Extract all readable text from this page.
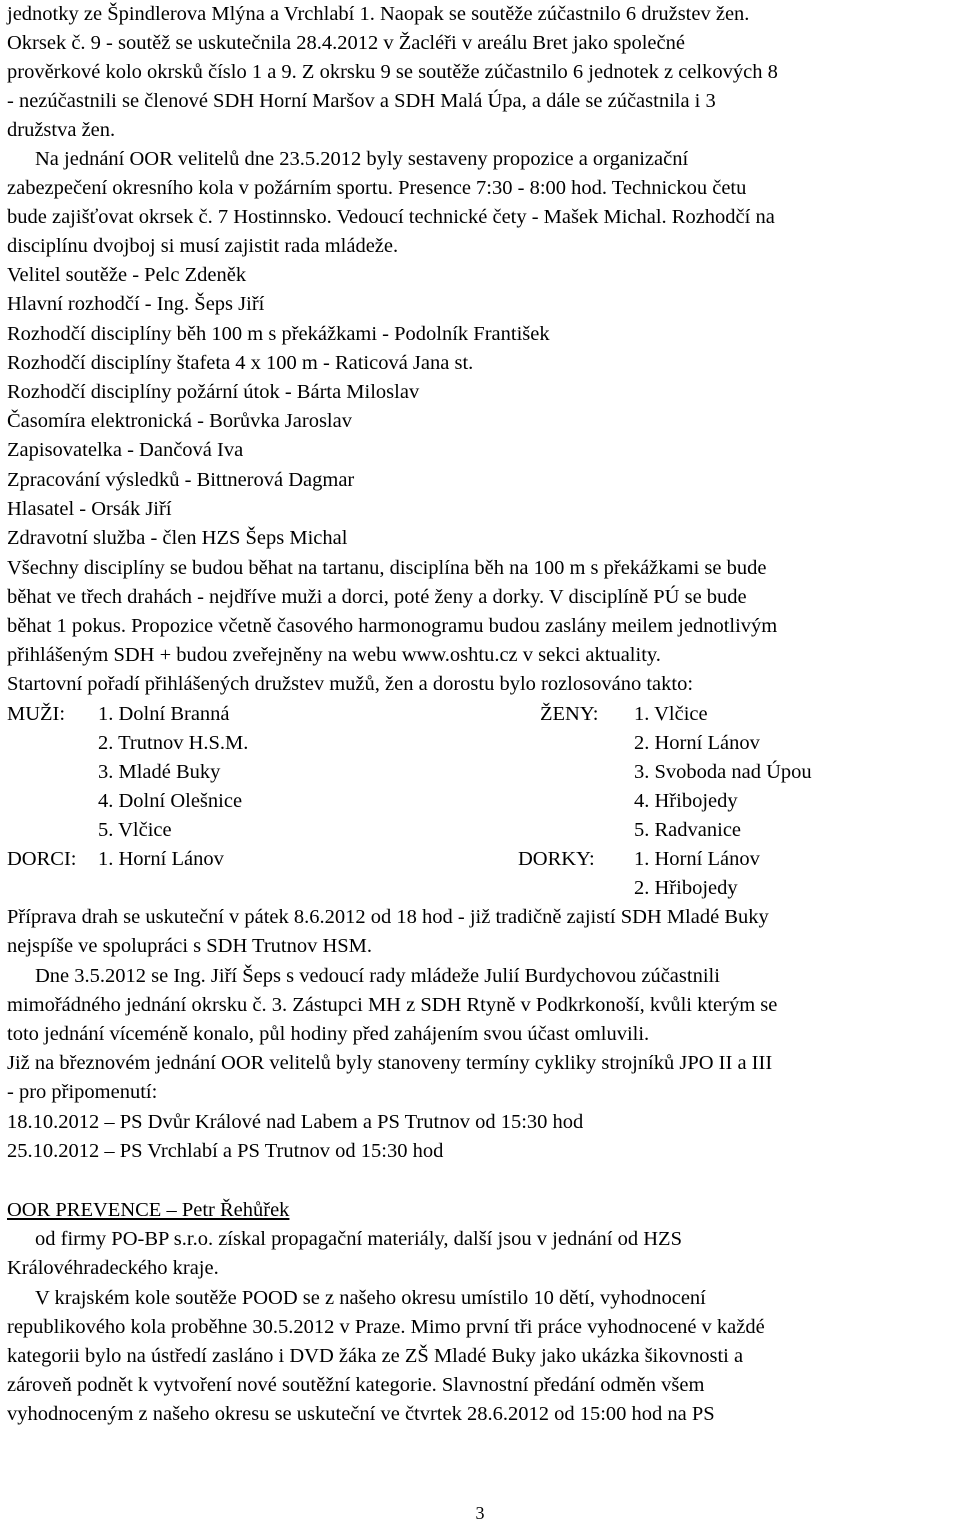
jednotky ze Špindlerova Mlýna a Vrchlabí 1. Naopak se soutěže zúčastnilo 6 družstev žen.
Okrsek č. 9 - soutěž se uskutečnila 28.4.2012 v Žacléři v areálu Bret jako společné
prověrkové kolo okrsků číslo 1 a 9. Z okrsku 9 se soutěže zúčastnilo 6 jednotek z celkových 8
- nezúčastnili se členové SDH Horní Maršov a SDH Malá Úpa, a dále se zúčastnila i 3
družstva žen.
Na jednání OOR velitelů dne 23.5.2012 byly sestaveny propozice a organizační
zabezpečení okresního kola v požárním sportu. Presence 7:30 - 8:00 hod. Technickou četu
bude zajišťovat okrsek č. 7 Hostinnsko. Vedoucí technické čety - Mašek Michal. Rozhodčí na
disciplínu dvojboj si musí zajistit rada mládeže.
Velitel soutěže - Pelc Zdeněk
Hlavní rozhodčí - Ing. Šeps Jiří
Rozhodčí disciplíny běh 100 m s překážkami - Podolník František
Rozhodčí disciplíny štafeta 4 x 100 m - Raticová Jana st.
Rozhodčí disciplíny požární útok - Bárta Miloslav
Časomíra elektronická - Borůvka Jaroslav
Zapisovatelka - Dančová Iva
Zpracování výsledků - Bittnerová Dagmar
Hlasatel - Orsák Jiří
Zdravotní služba - člen HZS Šeps Michal
Všechny disciplíny se budou běhat na tartanu, disciplína běh na 100 m s překážkami se bude
běhat ve třech drahách - nejdříve muži a dorci, poté ženy a dorky. V disciplíně PÚ se bude
běhat 1 pokus. Propozice včetně časového harmonogramu budou zaslány meilem jednotlivým
přihlášeným SDH + budou zveřejněny na webu www.oshtu.cz v sekci aktuality.
Startovní pořadí přihlášených družstev mužů, žen a dorostu bylo rozlosováno takto:
MUŽI: 1. Dolní Branná
2. Trutnov H.S.M.
3. Mladé Buky
4. Dolní Olešnice
5. Vlčice
ŽENY: 1. Vlčice
2. Horní Lánov
3. Svoboda nad Úpou
4. Hřibojedy
5. Radvanice
DORCI: 1. Horní Lánov	DORKY: 1. Horní Lánov
2. Hřibojedy
Příprava drah se uskuteční v pátek 8.6.2012 od 18 hod - již tradičně zajistí SDH Mladé Buky
nejspíše ve spolupráci s SDH Trutnov HSM.
Dne 3.5.2012 se Ing. Jiří Šeps s vedoucí rady mládeže Julií Burdychovou zúčastnili
mimořádného jednání okrsku č. 3. Zástupci MH z SDH Rtyně v Podkrkonoší, kvůli kterým se
toto jednání víceméně konalo, půl hodiny před zahájením svou účast omluvili.
Již na březnovém jednání OOR velitelů byly stanoveny termíny cykliky strojníků JPO II a III
- pro připomenutí:
18.10.2012 – PS Dvůr Králové nad Labem a PS Trutnov od 15:30 hod
25.10.2012 – PS Vrchlabí a PS Trutnov od 15:30 hod
OOR PREVENCE – Petr Řehůřek
od firmy PO-BP s.r.o. získal propagační materiály, další jsou v jednání od HZS
Královéhradeckého kraje.
V krajském kole soutěže POOD se z našeho okresu umístilo 10 dětí, vyhodnocení
republikového kola proběhne 30.5.2012 v Praze. Mimo první tři práce vyhodnocené v každé
kategorii bylo na ústředí zasláno i DVD žáka ze ZŠ Mladé Buky jako ukázka šikovnosti a
zároveň podnět k vytvoření nové soutěžní kategorie. Slavnostní předání odměn všem
vyhodnoceným z našeho okresu se uskuteční ve čtvrtek 28.6.2012 od 15:00 hod na PS
3
